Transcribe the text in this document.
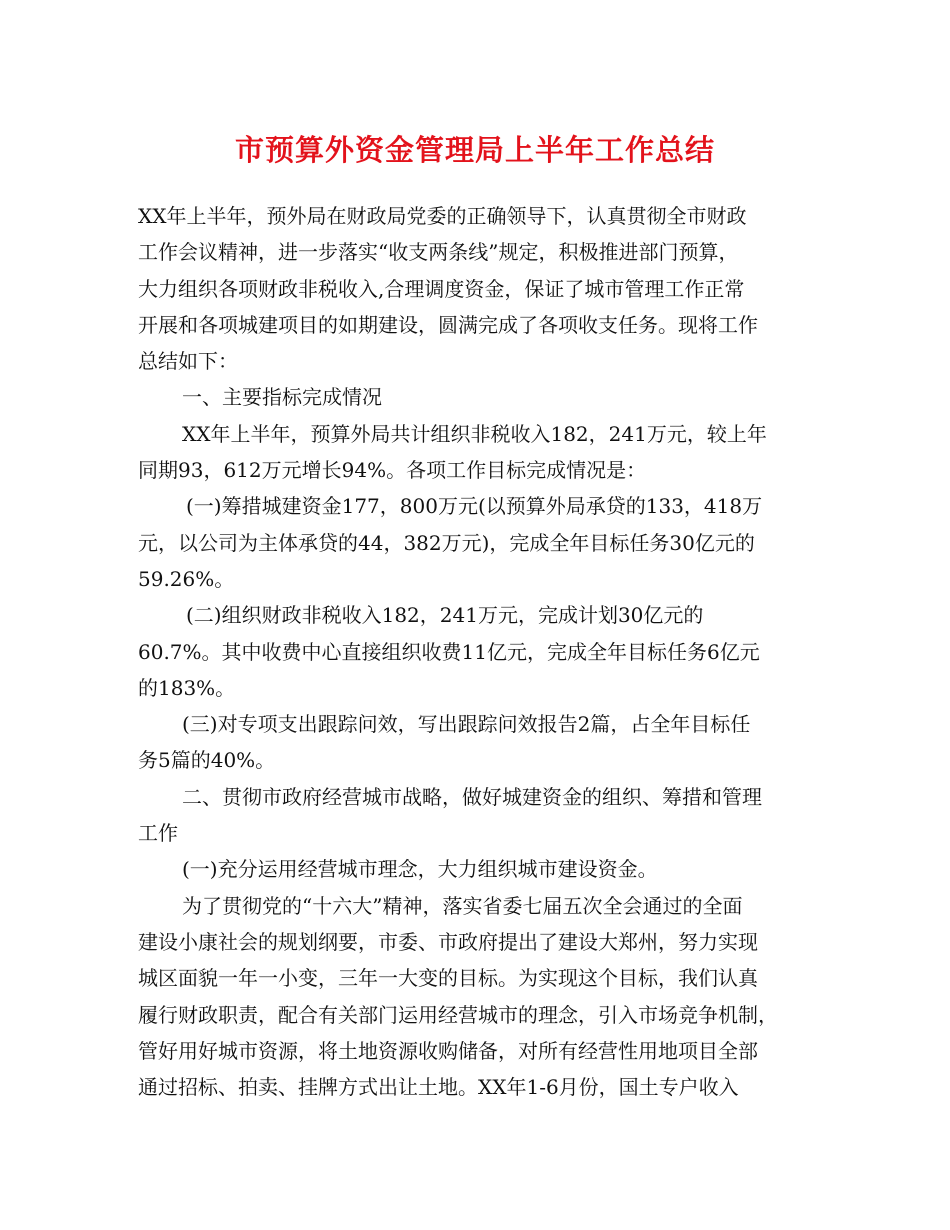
市预算外资金管理局上半年工作总结
XX年上半年，预外局在财政局党委的正确领导下，认真贯彻全市财政
工作会议精神，进一步落实“收支两条线”规定，积极推进部门预算，
大力组织各项财政非税收入,合理调度资金，保证了城市管理工作正常
开展和各项城建项目的如期建设，圆满完成了各项收支任务。现将工作
总结如下：
一、主要指标完成情况
XX年上半年，预算外局共计组织非税收入182，241万元，较上年
同期93，612万元增长94%。各项工作目标完成情况是：
(一)筹措城建资金177，800万元(以预算外局承贷的133，418万
元，以公司为主体承贷的44，382万元)，完成全年目标任务30亿元的
59.26%。
(二)组织财政非税收入182，241万元，完成计划30亿元的
60.7%。其中收费中心直接组织收费11亿元，完成全年目标任务6亿元
的183%。
(三)对专项支出跟踪问效，写出跟踪问效报告2篇，占全年目标任
务5篇的40%。
二、贯彻市政府经营城市战略，做好城建资金的组织、筹措和管理
工作
(一)充分运用经营城市理念，大力组织城市建设资金。
为了贯彻党的“十六大”精神，落实省委七届五次全会通过的全面
建设小康社会的规划纲要，市委、市政府提出了建设大郑州，努力实现
城区面貌一年一小变，三年一大变的目标。为实现这个目标，我们认真
履行财政职责，配合有关部门运用经营城市的理念，引入市场竞争机制，
管好用好城市资源，将土地资源收购储备，对所有经营性用地项目全部
通过招标、拍卖、挂牌方式出让土地。XX年1-6月份，国土专户收入
